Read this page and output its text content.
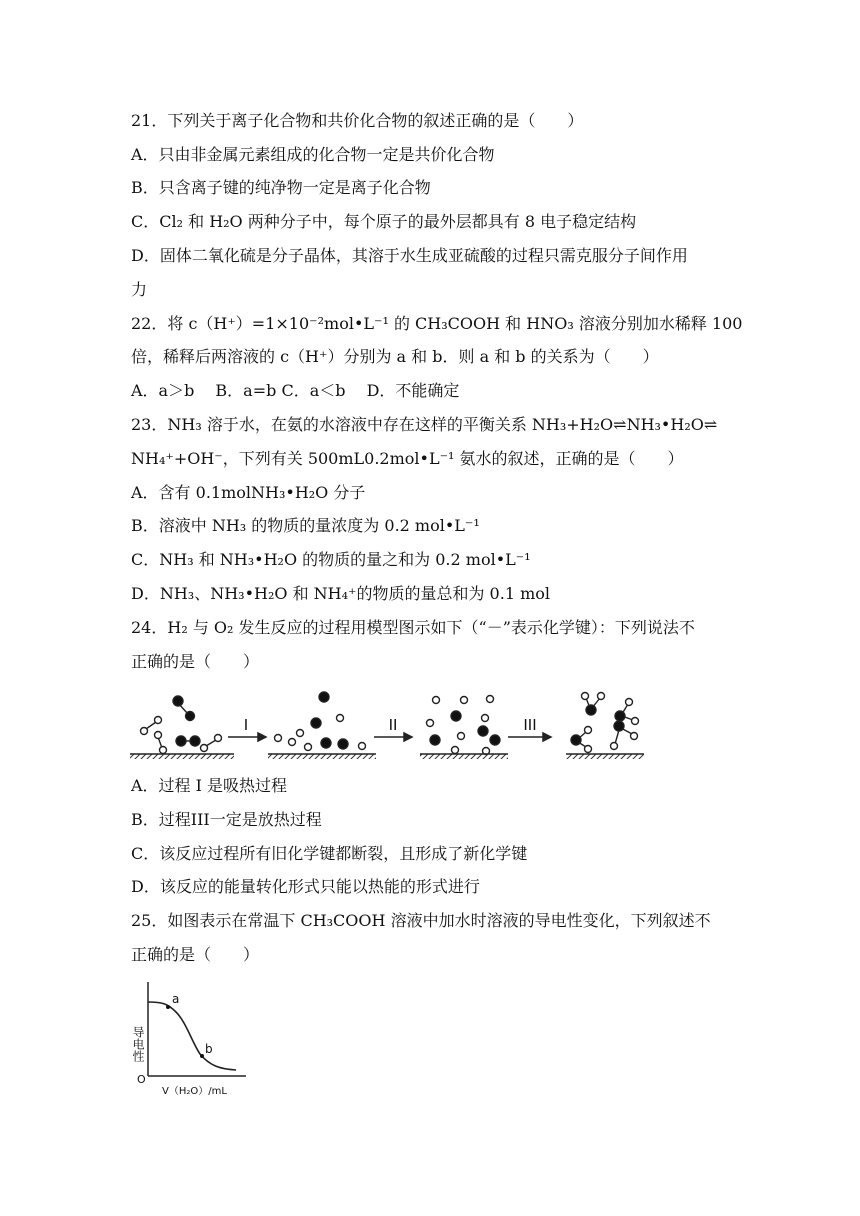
21．下列关于离子化合物和共价化合物的叙述正确的是（　　）
A．只由非金属元素组成的化合物一定是共价化合物
B．只含离子键的纯净物一定是离子化合物
C．Cl₂ 和 H₂O 两种分子中，每个原子的最外层都具有 8 电子稳定结构
D．固体二氧化硫是分子晶体，其溶于水生成亚硫酸的过程只需克服分子间作用
力
22．将 c（H⁺）=1×10⁻²mol•L⁻¹ 的 CH₃COOH 和 HNO₃ 溶液分别加水稀释 100
倍，稀释后两溶液的 c（H⁺）分别为 a 和 b．则 a 和 b 的关系为（　　）
A．a＞b　 B．a=b C．a＜b　 D．不能确定
23．NH₃ 溶于水，在氨的水溶液中存在这样的平衡关系 NH₃+H₂O⇌NH₃•H₂O⇌
NH₄⁺+OH⁻，下列有关 500mL0.2mol•L⁻¹ 氨水的叙述，正确的是（　　）
A．含有 0.1molNH₃•H₂O 分子
B．溶液中 NH₃ 的物质的量浓度为 0.2 mol•L⁻¹
C．NH₃ 和 NH₃•H₂O 的物质的量之和为 0.2 mol•L⁻¹
D．NH₃、NH₃•H₂O 和 NH₄⁺的物质的量总和为 0.1 mol
24．H₂ 与 O₂ 发生反应的过程用模型图示如下（“－”表示化学键）：下列说法不
正确的是（　　）
I	II	III
A．过程 I 是吸热过程
B．过程III一定是放热过程
C．该反应过程所有旧化学键都断裂，且形成了新化学键
D．该反应的能量转化形式只能以热能的形式进行
25．如图表示在常温下 CH₃COOH 溶液中加水时溶液的导电性变化，下列叙述不
正确的是（　　）
a
b
O
导电性
V（H₂O）/mL
